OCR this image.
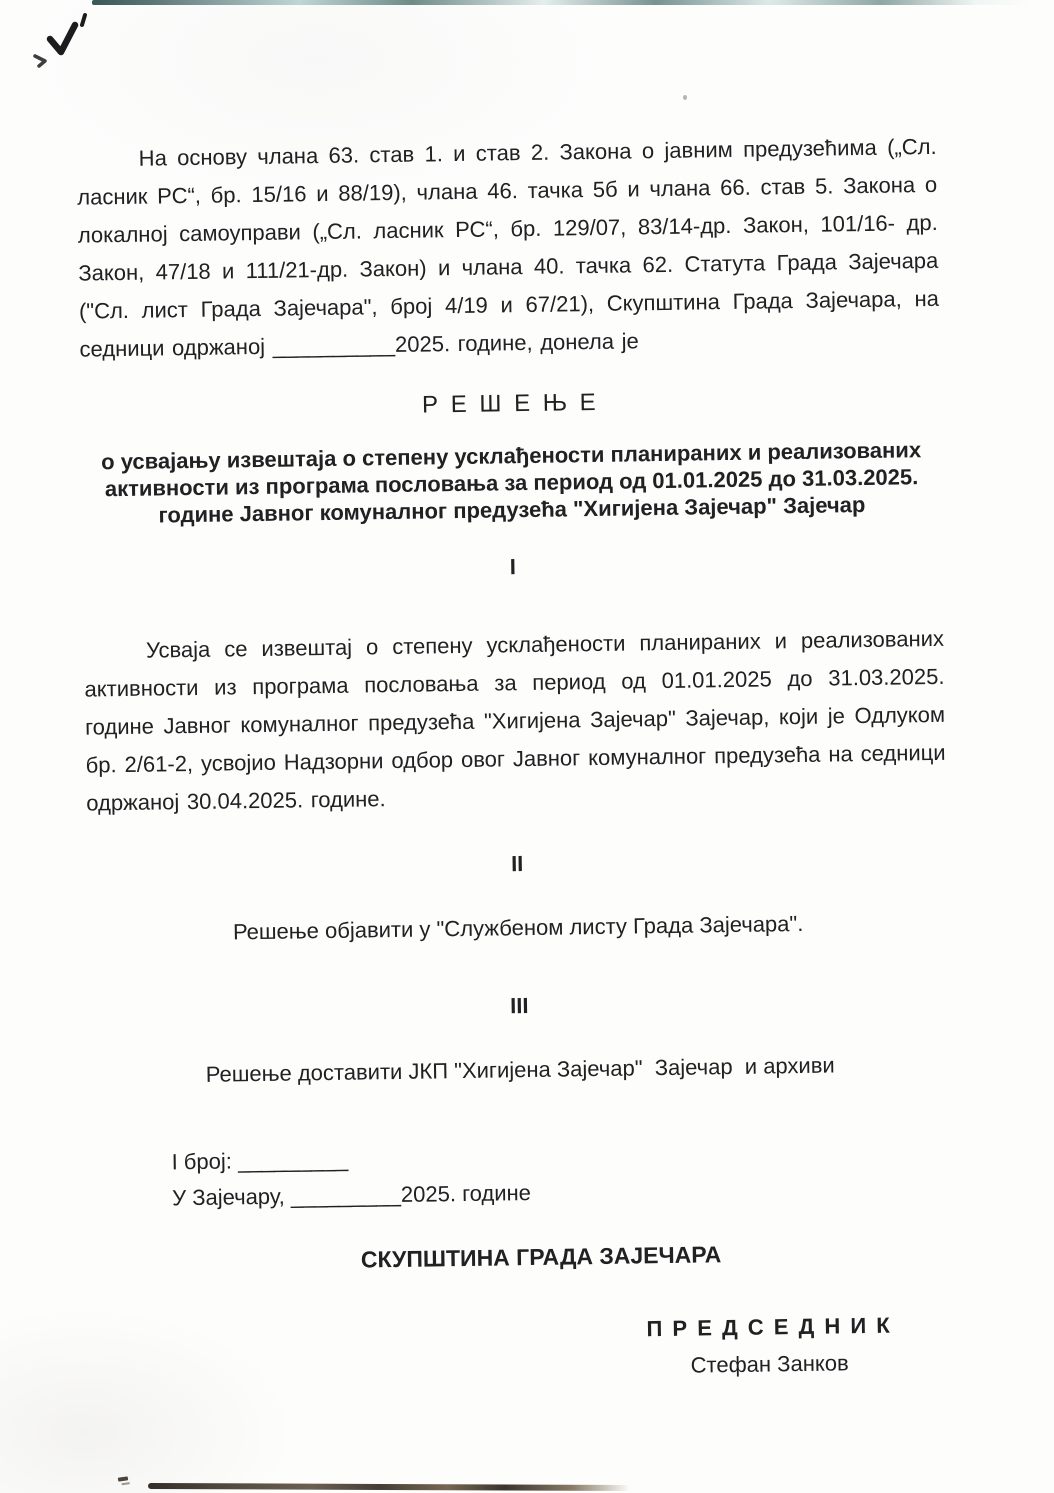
На основу члана 63. став 1. и став 2. Закона о јавним предузећима („Сл. ласник РС“, бр. 15/16 и 88/19), члана 46. тачка 5б и члана 66. став 5. Закона о локалној самоуправи („Сл. ласник РС“, бр. 129/07, 83/14-др. Закон, 101/16- др. Закон, 47/18 и 111/21-др. Закон) и члана 40. тачка 62. Статута Града Зајечара ("Сл. лист Града Зајечара", број 4/19 и 67/21), Скупштина Града Зајечара, на седници одржаној __________2025. године, донела је

Р Е Ш Е Њ Е
о усвајању извештаја о степену усклађености планираних и реализованих активности из програма пословања за период од 01.01.2025 до 31.03.2025. године Јавног комуналног предузећа "Хигијена Зајечар" Зајечар
I

Усваја се извештај о степену усклађености планираних и реализованих активности из програма пословања за период од 01.01.2025 до 31.03.2025. године Јавног комуналног предузећа "Хигијена Зајечар" Зајечар, који је Одлуком бр. 2/61-2, усвојио Надзорни одбор овог Јавног комуналног предузећа на седници одржаној 30.04.2025. године.

II
Решење објавити у "Службеном листу Града Зајечара".
III
Решење доставити ЈКП "Хигијена Зајечар"  Зајечар  и архиви
I број: _________
У Зајечару, _________2025. године
СКУПШТИНА ГРАДА ЗАЈЕЧАРА
П Р Е Д С Е Д Н И К
Стефан Занков
